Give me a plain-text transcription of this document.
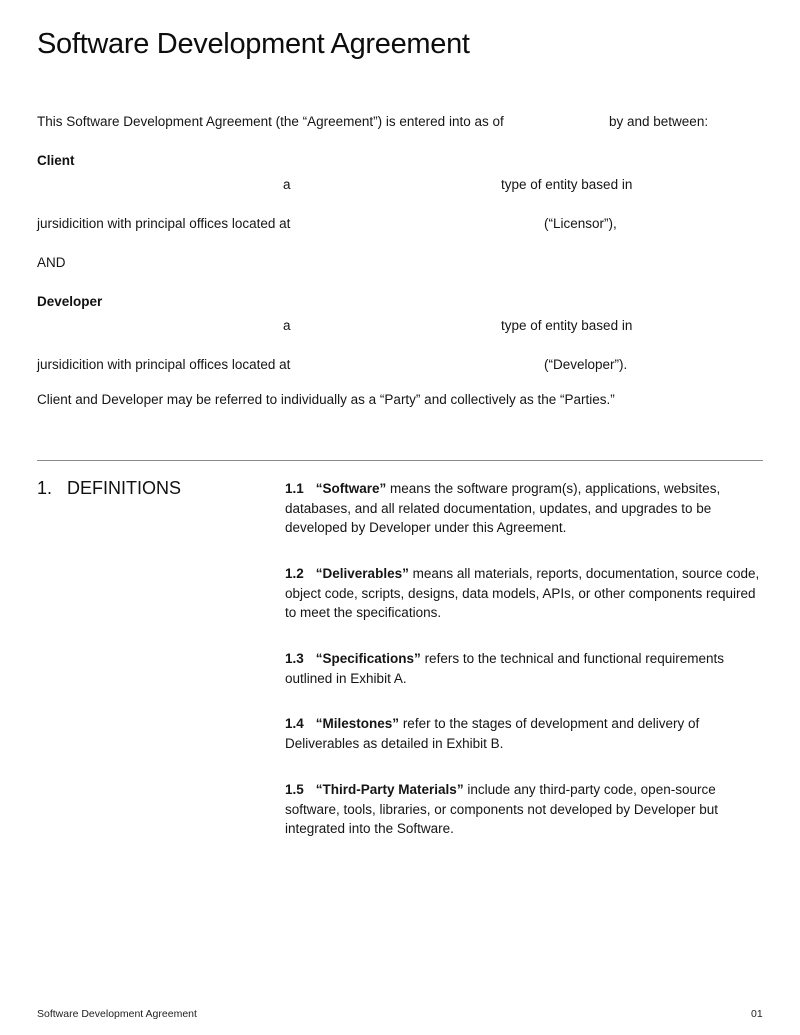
Software Development Agreement
This Software Development Agreement (the “Agreement”) is entered into as of	by and between:
Client
a	type of entity based in
jursidicition with principal offices located at	(“Licensor”),
AND
Developer
a	type of entity based in
jursidicition with principal offices located at	(“Developer”).
Client and Developer may be referred to individually as a “Party” and collectively as the “Parties.”
1. DEFINITIONS	1.1 “Software” means the software program(s), applications, websites, databases, and all related documentation, updates, and upgrades to be developed by Developer under this Agreement.
1.2 “Deliverables” means all materials, reports, documentation, source code, object code, scripts, designs, data models, APIs, or other components required to meet the specifications.
1.3 “Specifications” refers to the technical and functional requirements outlined in Exhibit A.
1.4 “Milestones” refer to the stages of development and delivery of Deliverables as detailed in Exhibit B.
1.5 “Third-Party Materials” include any third-party code, open-source software, tools, libraries, or components not developed by Developer but integrated into the Software.
Software Development Agreement	01
